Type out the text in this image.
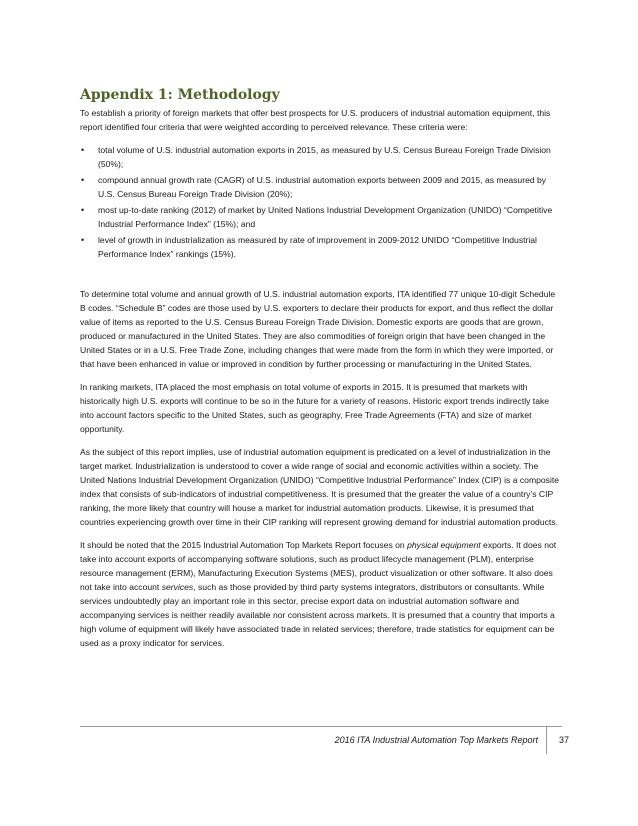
Appendix 1: Methodology

To establish a priority of foreign markets that offer best prospects for U.S. producers of industrial automation equipment, this report identified four criteria that were weighted according to perceived relevance. These criteria were:

• total volume of U.S. industrial automation exports in 2015, as measured by U.S. Census Bureau Foreign Trade Division (50%);
• compound annual growth rate (CAGR) of U.S. industrial automation exports between 2009 and 2015, as measured by U.S. Census Bureau Foreign Trade Division (20%);
• most up-to-date ranking (2012) of market by United Nations Industrial Development Organization (UNIDO) “Competitive Industrial Performance Index” (15%); and
• level of growth in industrialization as measured by rate of improvement in 2009-2012 UNIDO “Competitive Industrial Performance Index” rankings (15%).

To determine total volume and annual growth of U.S. industrial automation exports, ITA identified 77 unique 10-digit Schedule B codes. “Schedule B” codes are those used by U.S. exporters to declare their products for export, and thus reflect the dollar value of items as reported to the U.S. Census Bureau Foreign Trade Division. Domestic exports are goods that are grown, produced or manufactured in the United States. They are also commodities of foreign origin that have been changed in the United States or in a U.S. Free Trade Zone, including changes that were made from the form in which they were imported, or that have been enhanced in value or improved in condition by further processing or manufacturing in the United States.

In ranking markets, ITA placed the most emphasis on total volume of exports in 2015. It is presumed that markets with historically high U.S. exports will continue to be so in the future for a variety of reasons. Historic export trends indirectly take into account factors specific to the United States, such as geography, Free Trade Agreements (FTA) and size of market opportunity.

As the subject of this report implies, use of industrial automation equipment is predicated on a level of industrialization in the target market. Industrialization is understood to cover a wide range of social and economic activities within a society. The United Nations Industrial Development Organization (UNIDO) “Competitive Industrial Performance” Index (CIP) is a composite index that consists of sub-indicators of industrial competitiveness. It is presumed that the greater the value of a country’s CIP ranking, the more likely that country will house a market for industrial automation products. Likewise, it is presumed that countries experiencing growth over time in their CIP ranking will represent growing demand for industrial automation products.

It should be noted that the 2015 Industrial Automation Top Markets Report focuses on physical equipment exports. It does not take into account exports of accompanying software solutions, such as product lifecycle management (PLM), enterprise resource management (ERM), Manufacturing Execution Systems (MES), product visualization or other software. It also does not take into account services, such as those provided by third party systems integrators, distributors or consultants. While services undoubtedly play an important role in this sector, precise export data on industrial automation software and accompanying services is neither readily available nor consistent across markets. It is presumed that a country that imports a high volume of equipment will likely have associated trade in related services; therefore, trade statistics for equipment can be used as a proxy indicator for services.

2016 ITA Industrial Automation Top Markets Report	37
